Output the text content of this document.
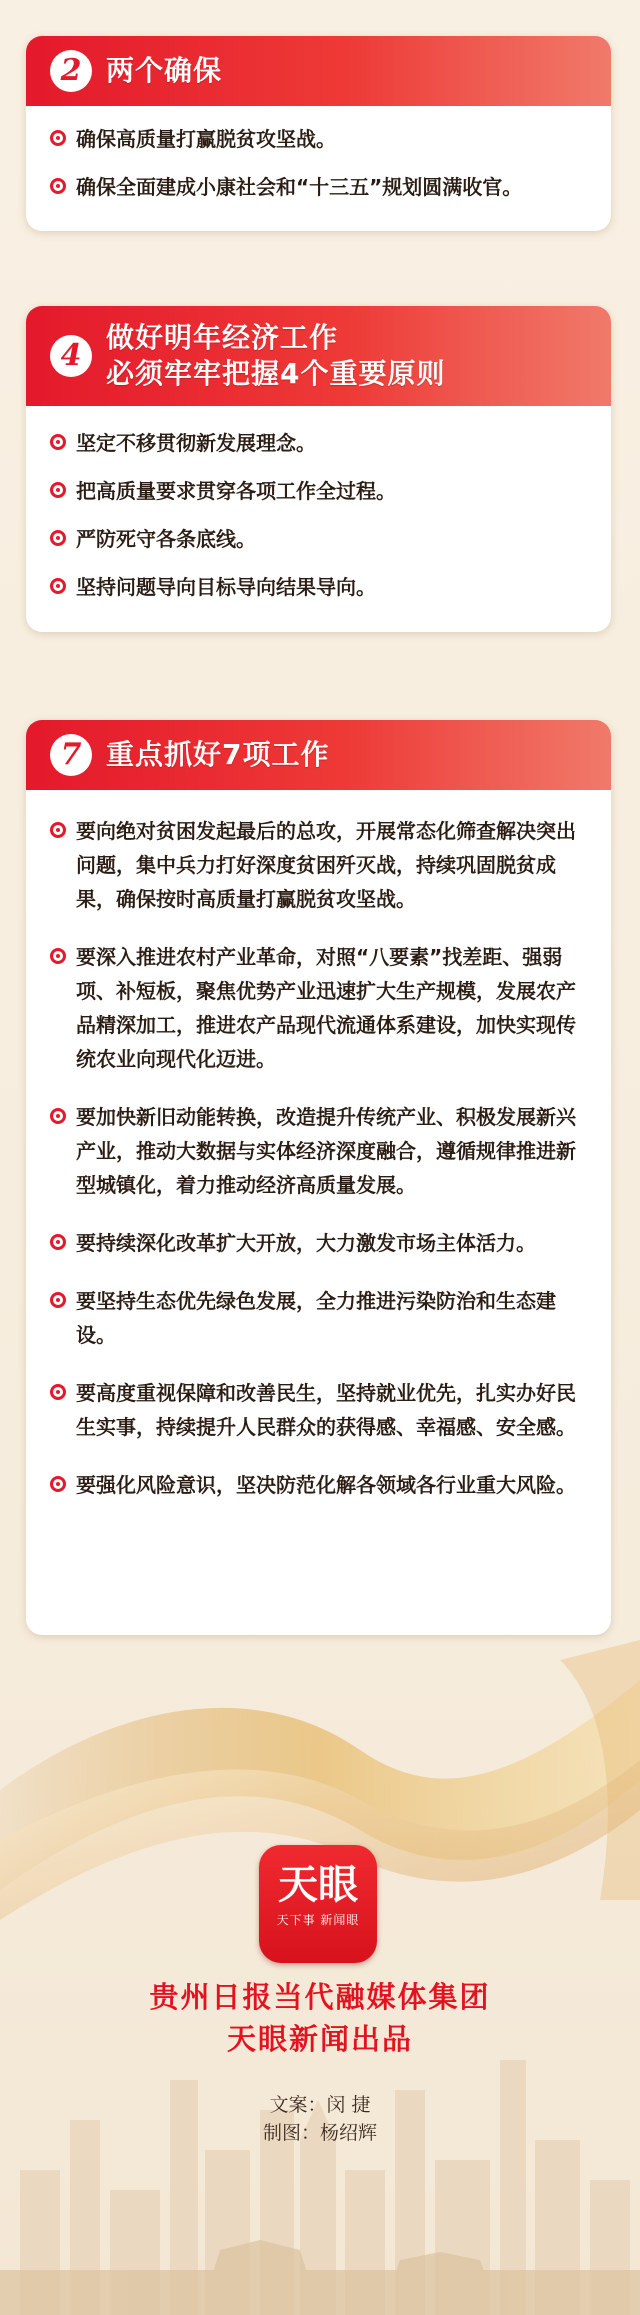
2 两个确保
确保高质量打赢脱贫攻坚战。
确保全面建成小康社会和“十三五”规划圆满收官。
4
做好明年经济工作
必须牢牢把握4个重要原则
坚定不移贯彻新发展理念。
把高质量要求贯穿各项工作全过程。
严防死守各条底线。
坚持问题导向目标导向结果导向。
7 重点抓好7项工作
要向绝对贫困发起最后的总攻，开展常态化筛查解决突出问题，集中兵力打好深度贫困歼灭战，持续巩固脱贫成果，确保按时高质量打赢脱贫攻坚战。
要深入推进农村产业革命，对照“八要素”找差距、强弱项、补短板，聚焦优势产业迅速扩大生产规模，发展农产品精深加工，推进农产品现代流通体系建设，加快实现传统农业向现代化迈进。
要加快新旧动能转换，改造提升传统产业、积极发展新兴产业，推动大数据与实体经济深度融合，遵循规律推进新型城镇化，着力推动经济高质量发展。
要持续深化改革扩大开放，大力激发市场主体活力。
要坚持生态优先绿色发展，全力推进污染防治和生态建设。
要高度重视保障和改善民生，坚持就业优先，扎实办好民生实事，持续提升人民群众的获得感、幸福感、安全感。
要强化风险意识，坚决防范化解各领域各行业重大风险。
天眼
天下事 新闻眼
贵州日报当代融媒体集团
天眼新闻出品
文案：闵 捷
制图：杨绍辉
